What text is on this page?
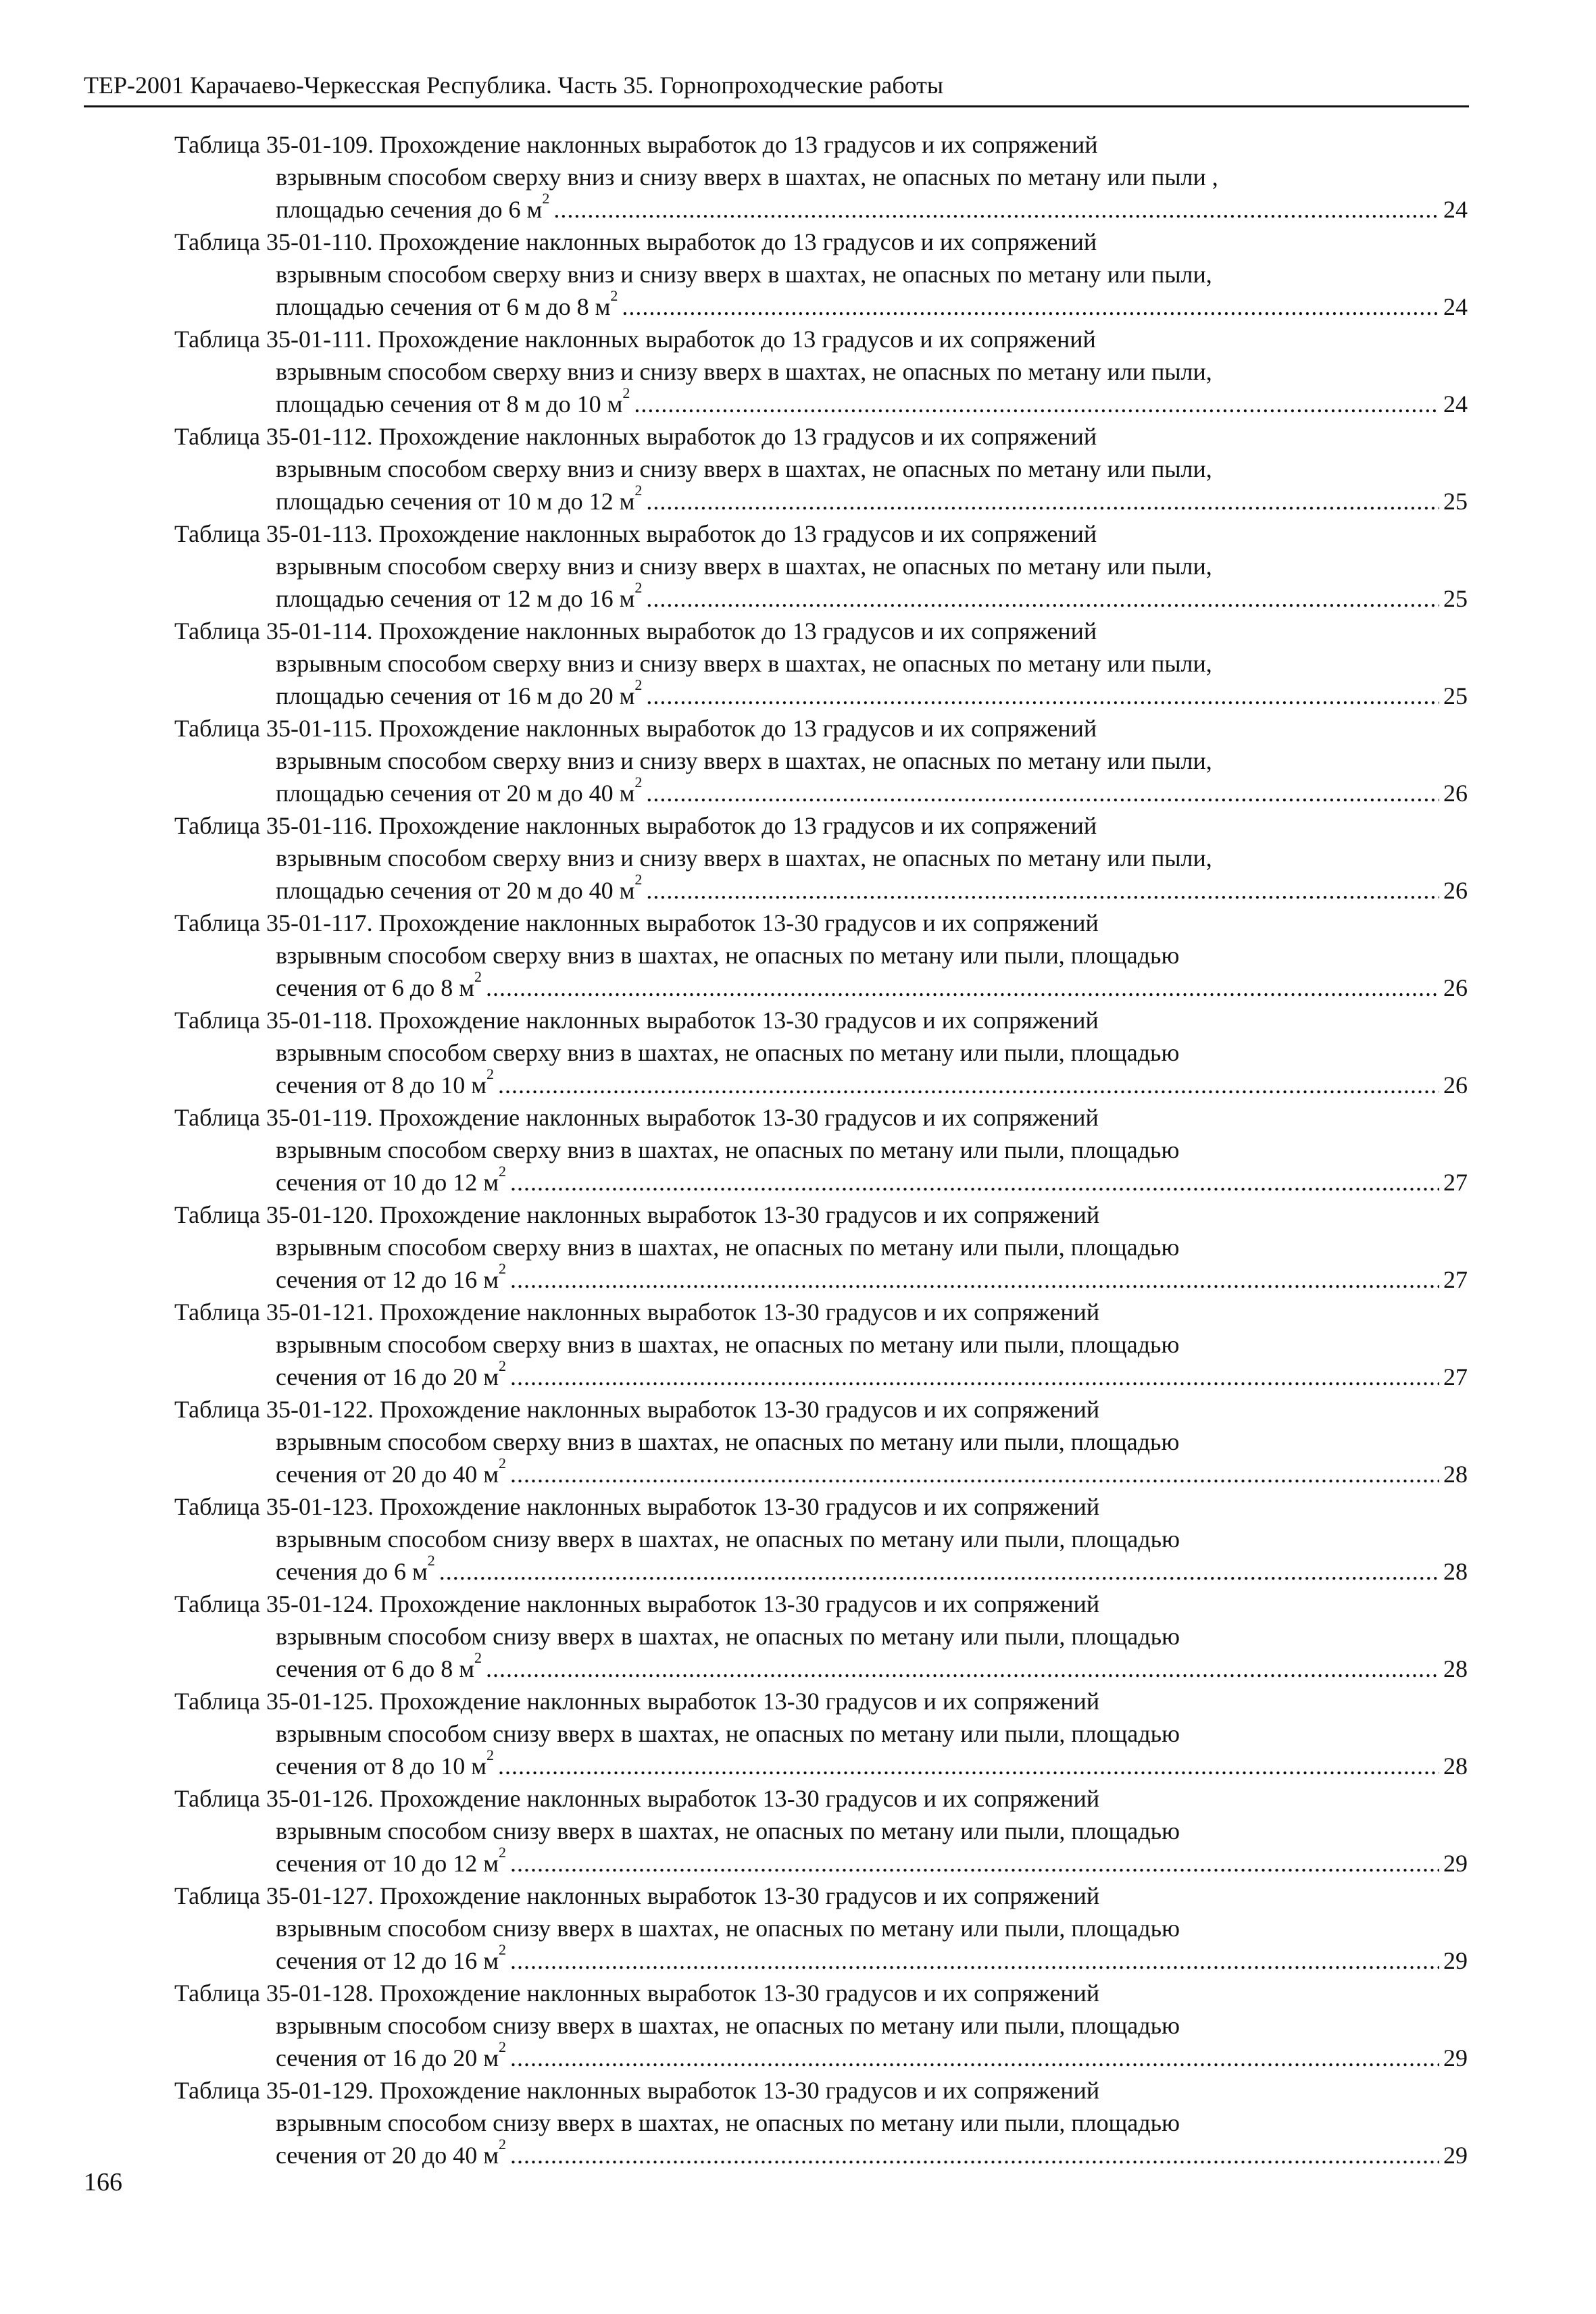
ТЕР-2001 Карачаево-Черкесская Республика. Часть 35. Горнопроходческие работы
Таблица 35-01-109. Прохождение наклонных выработок до 13 градусов и их сопряжений
взрывным способом сверху вниз и снизу вверх в шахтах, не опасных по метану или пыли ,
площадью сечения до 6 $м^2$ .....	24
Таблица 35-01-110. Прохождение наклонных выработок до 13 градусов и их сопряжений
взрывным способом сверху вниз и снизу вверх в шахтах, не опасных по метану или пыли,
площадью сечения от 6 м до 8 $м^2$ .....	24
Таблица 35-01-111. Прохождение наклонных выработок до 13 градусов и их сопряжений
взрывным способом сверху вниз и снизу вверх в шахтах, не опасных по метану или пыли,
площадью сечения от 8 м до 10 $м^2$ .....	24
Таблица 35-01-112. Прохождение наклонных выработок до 13 градусов и их сопряжений
взрывным способом сверху вниз и снизу вверх в шахтах, не опасных по метану или пыли,
площадью сечения от 10 м до 12 $м^2$ .....	25
Таблица 35-01-113. Прохождение наклонных выработок до 13 градусов и их сопряжений
взрывным способом сверху вниз и снизу вверх в шахтах, не опасных по метану или пыли,
площадью сечения от 12 м до 16 $м^2$ .....	25
Таблица 35-01-114. Прохождение наклонных выработок до 13 градусов и их сопряжений
взрывным способом сверху вниз и снизу вверх в шахтах, не опасных по метану или пыли,
площадью сечения от 16 м до 20 $м^2$ .....	25
Таблица 35-01-115. Прохождение наклонных выработок до 13 градусов и их сопряжений
взрывным способом сверху вниз и снизу вверх в шахтах, не опасных по метану или пыли,
площадью сечения от 20 м до 40 $м^2$ .....	26
Таблица 35-01-116. Прохождение наклонных выработок до 13 градусов и их сопряжений
взрывным способом сверху вниз и снизу вверх в шахтах, не опасных по метану или пыли,
площадью сечения от 20 м до 40 $м^2$ .....	26
Таблица 35-01-117. Прохождение наклонных выработок 13-30 градусов и их сопряжений
взрывным способом сверху вниз в шахтах, не опасных по метану или пыли, площадью
сечения от 6 до 8 $м^2$ .....	26
Таблица 35-01-118. Прохождение наклонных выработок 13-30 градусов и их сопряжений
взрывным способом сверху вниз в шахтах, не опасных по метану или пыли, площадью
сечения от 8 до 10 $м^2$ .....	26
Таблица 35-01-119. Прохождение наклонных выработок 13-30 градусов и их сопряжений
взрывным способом сверху вниз в шахтах, не опасных по метану или пыли, площадью
сечения от 10 до 12 $м^2$ .....	27
Таблица 35-01-120. Прохождение наклонных выработок 13-30 градусов и их сопряжений
взрывным способом сверху вниз в шахтах, не опасных по метану или пыли, площадью
сечения от 12 до 16 $м^2$ .....	27
Таблица 35-01-121. Прохождение наклонных выработок 13-30 градусов и их сопряжений
взрывным способом сверху вниз в шахтах, не опасных по метану или пыли, площадью
сечения от 16 до 20 $м^2$ .....	27
Таблица 35-01-122. Прохождение наклонных выработок 13-30 градусов и их сопряжений
взрывным способом сверху вниз в шахтах, не опасных по метану или пыли, площадью
сечения от 20 до 40 $м^2$ .....	28
Таблица 35-01-123. Прохождение наклонных выработок 13-30 градусов и их сопряжений
взрывным способом снизу вверх в шахтах, не опасных по метану или пыли, площадью
сечения до 6 $м^2$ .....	28
Таблица 35-01-124. Прохождение наклонных выработок 13-30 градусов и их сопряжений
взрывным способом снизу вверх в шахтах, не опасных по метану или пыли, площадью
сечения от 6 до 8 $м^2$ .....	28
Таблица 35-01-125. Прохождение наклонных выработок 13-30 градусов и их сопряжений
взрывным способом снизу вверх в шахтах, не опасных по метану или пыли, площадью
сечения от 8 до 10 $м^2$ .....	28
Таблица 35-01-126. Прохождение наклонных выработок 13-30 градусов и их сопряжений
взрывным способом снизу вверх в шахтах, не опасных по метану или пыли, площадью
сечения от 10 до 12 $м^2$ .....	29
Таблица 35-01-127. Прохождение наклонных выработок 13-30 градусов и их сопряжений
взрывным способом снизу вверх в шахтах, не опасных по метану или пыли, площадью
сечения от 12 до 16 $м^2$ .....	29
Таблица 35-01-128. Прохождение наклонных выработок 13-30 градусов и их сопряжений
взрывным способом снизу вверх в шахтах, не опасных по метану или пыли, площадью
сечения от 16 до 20 $м^2$ .....	29
Таблица 35-01-129. Прохождение наклонных выработок 13-30 градусов и их сопряжений
взрывным способом снизу вверх в шахтах, не опасных по метану или пыли, площадью
сечения от 20 до 40 $м^2$ .....	29
166
